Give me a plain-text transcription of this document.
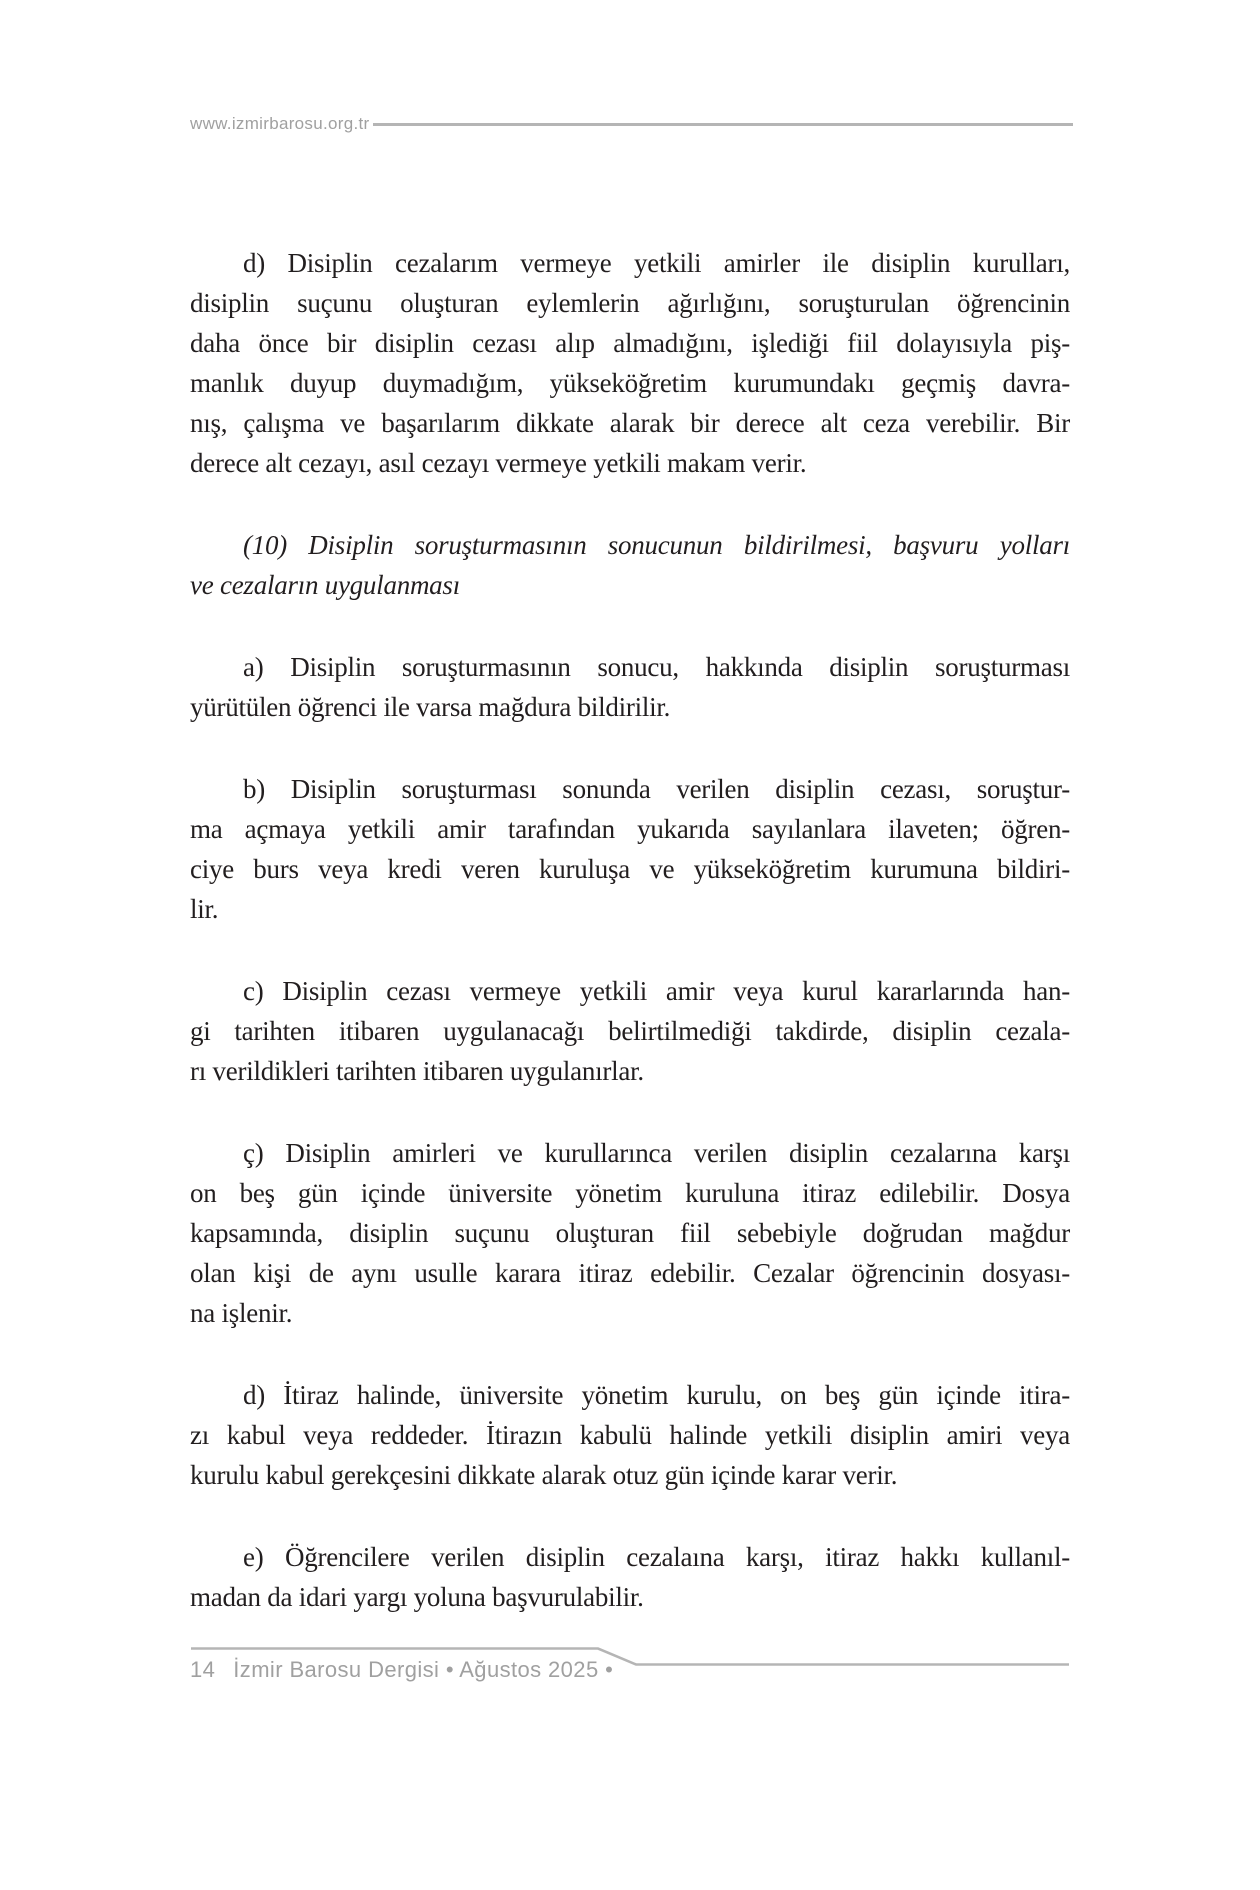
www.izmirbarosu.org.tr
d) Disiplin cezalarım vermeye yetkili amirler ile disiplin kurulları,
disiplin suçunu oluşturan eylemlerin ağırlığını, soruşturulan öğrencinin
daha önce bir disiplin cezası alıp almadığını, işlediği fiil dolayısıyla piş-
manlık duyup duymadığım, yükseköğretim kurumundakı geçmiş davra-
nış, çalışma ve başarılarım dikkate alarak bir derece alt ceza verebilir. Bir
derece alt cezayı, asıl cezayı vermeye yetkili makam verir.
(10) Disiplin soruşturmasının sonucunun bildirilmesi, başvuru yolları
ve cezaların uygulanması
a) Disiplin soruşturmasının sonucu, hakkında disiplin soruşturması
yürütülen öğrenci ile varsa mağdura bildirilir.
b) Disiplin soruşturması sonunda verilen disiplin cezası, soruştur-
ma açmaya yetkili amir tarafından yukarıda sayılanlara ilaveten; öğren-
ciye burs veya kredi veren kuruluşa ve yükseköğretim kurumuna bildiri-
lir.
c) Disiplin cezası vermeye yetkili amir veya kurul kararlarında han-
gi tarihten itibaren uygulanacağı belirtilmediği takdirde, disiplin cezala-
rı verildikleri tarihten itibaren uygulanırlar.
ç) Disiplin amirleri ve kurullarınca verilen disiplin cezalarına karşı
on beş gün içinde üniversite yönetim kuruluna itiraz edilebilir. Dosya
kapsamında, disiplin suçunu oluşturan fiil sebebiyle doğrudan mağdur
olan kişi de aynı usulle karara itiraz edebilir. Cezalar öğrencinin dosyası-
na işlenir.
d) İtiraz halinde, üniversite yönetim kurulu, on beş gün içinde itira-
zı kabul veya reddeder. İtirazın kabulü halinde yetkili disiplin amiri veya
kurulu kabul gerekçesini dikkate alarak otuz gün içinde karar verir.
e) Öğrencilere verilen disiplin cezalaına karşı, itiraz hakkı kullanıl-
madan da idari yargı yoluna başvurulabilir.
14 İzmir Barosu Dergisi • Ağustos 2025 •
